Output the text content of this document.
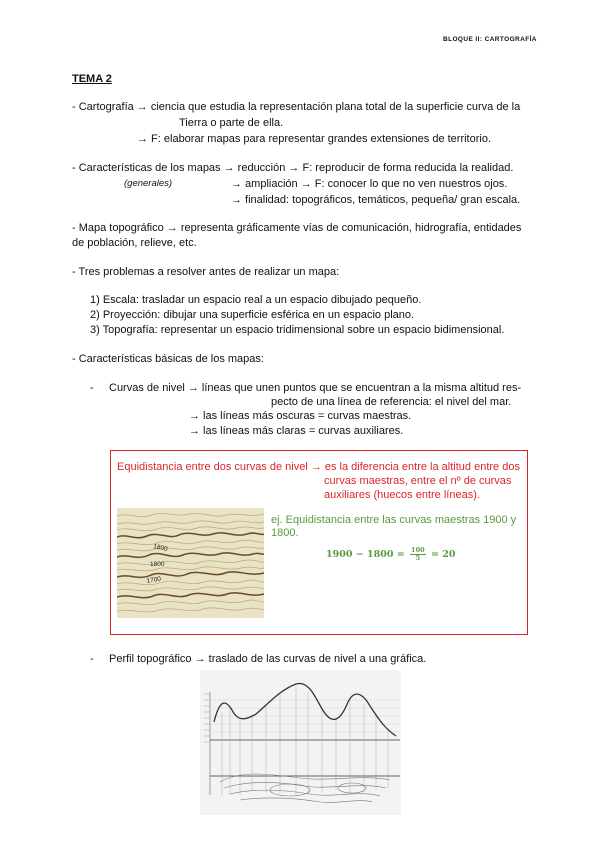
BLOQUE II: CARTOGRAFÍA
TEMA 2
- Cartografía → ciencia que estudia la representación plana total de la superficie curva de la
Tierra o parte de ella.
→ F: elaborar mapas para representar grandes extensiones de territorio.
- Características de los mapas → reducción → F: reproducir de forma reducida la realidad.
(generales)	→ ampliación → F: conocer lo que no ven nuestros ojos.
→ finalidad: topográficos, temáticos, pequeña/ gran escala.
- Mapa topográfico → representa gráficamente vías de comunicación, hidrografía, entidades
de población, relieve, etc.
- Tres problemas a resolver antes de realizar un mapa:
1) Escala: trasladar un espacio real a un espacio dibujado pequeño.
2) Proyección: dibujar una superficie esférica en un espacio plano.
3) Topografía: representar un espacio tridimensional sobre un espacio bidimensional.
- Características básicas de los mapas:
- Curvas de nivel → líneas que unen puntos que se encuentran a la misma altitud res-
pecto de una línea de referencia: el nivel del mar.
→ las líneas más oscuras = curvas maestras.
→ las líneas más claras = curvas auxiliares.
Equidistancia entre dos curvas de nivel → es la diferencia entre la altitud entre dos
curvas maestras, entre el nº de curvas
auxiliares (huecos entre líneas).
1800
1800
1700
ej. Equidistancia entre las curvas maestras 1900 y
1800.
$1900 - 1800 = \frac{100}{5} = 20$
- Perfil topográfico → traslado de las curvas de nivel a una gráfica.
